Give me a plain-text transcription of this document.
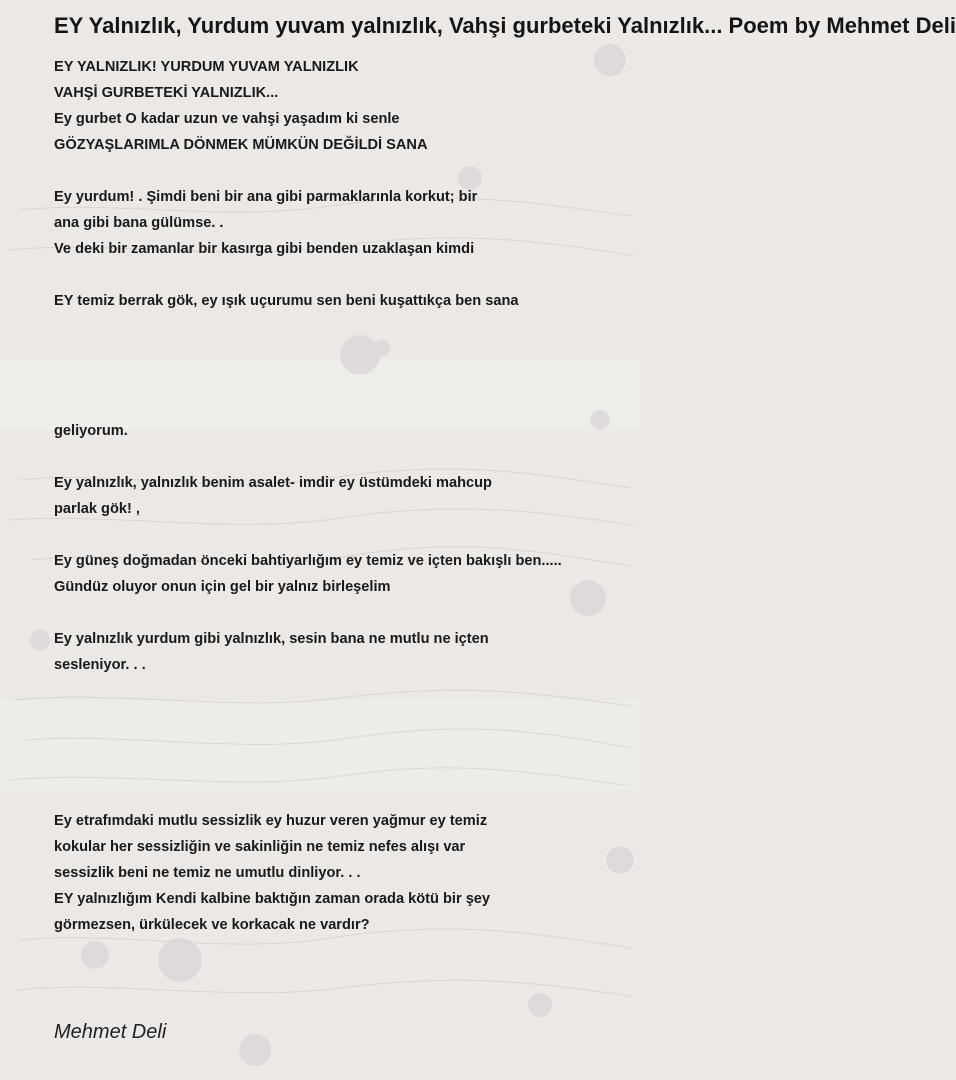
EY Yalnızlık, Yurdum yuvam yalnızlık, Vahşi gurbeteki Yalnızlık... Poem by Mehmet Deli
EY YALNIZLIK! YURDUM YUVAM YALNIZLIK
VAHŞİ GURBETEKİ YALNIZLIK...
Ey gurbet O kadar uzun ve vahşi yaşadım ki senle
GÖZYAŞLARIMLA DÖNMEK MÜMKÜN DEĞİLDİ SANA
Ey yurdum! . Şimdi beni bir ana gibi parmaklarınla korkut; bir
ana gibi bana gülümse. .
Ve deki bir zamanlar bir kasırga gibi benden uzaklaşan kimdi
EY temiz berrak gök, ey ışık uçurumu sen beni kuşattıkça ben sana
geliyorum.
Ey yalnızlık, yalnızlık benim asalet- imdir ey üstümdeki mahcup
parlak gök! ,
Ey güneş doğmadan önceki bahtiyarlığım ey temiz ve içten bakışlı ben.....
Gündüz oluyor onun için gel bir yalnız birleşelim
Ey yalnızlık yurdum gibi yalnızlık, sesin bana ne mutlu ne içten
sesleniyor. . .
Ey etrafımdaki mutlu sessizlik ey huzur veren yağmur ey temiz
kokular her sessizliğin ve sakinliğin ne temiz nefes alışı var
sessizlik beni ne temiz ne umutlu dinliyor. . .
EY yalnızlığım Kendi kalbine baktığın zaman orada kötü bir şey
görmezsen, ürkülecek ve korkacak ne vardır?
Mehmet Deli
